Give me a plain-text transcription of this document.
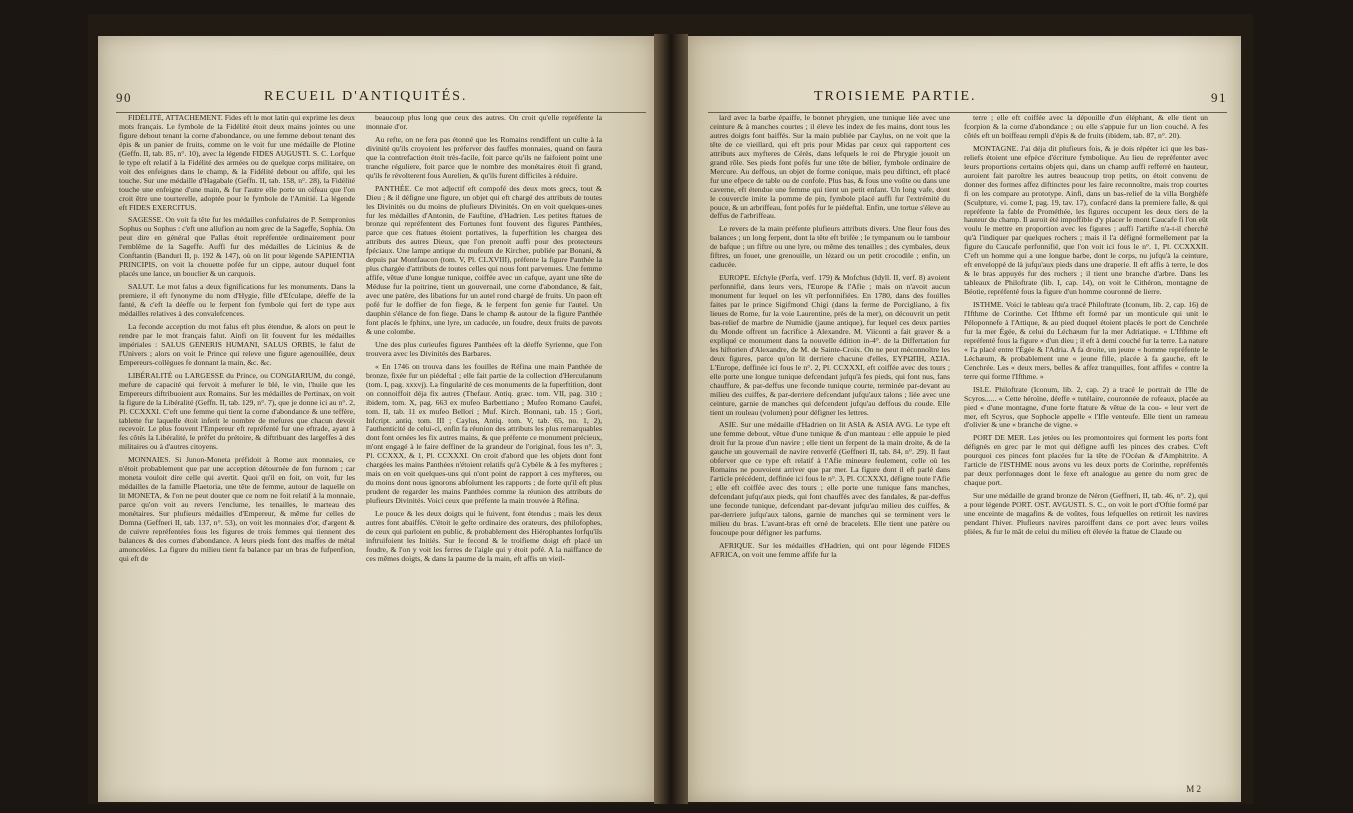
90	RECUEIL D'ANTIQUITÉS.

FIDÉLITÉ, ATTACHEMENT. Fides eft le mot latin qui exprime les deux mots français. Le fymbole de la Fidélité étoit deux mains jointes ou une figure debout tenant la corne d'abondance, ou une femme debout tenant des épis & un panier de fruits, comme on le voit fur une médaille de Plotine (Geffn. II, tab. 85, n°. 10), avec la légende FIDES AUGUSTI. S. C. Lorfque le type eft relatif à la Fidélité des armées ou de quelque corps militaire, on voit des enfeignes dans le champ, & la Fidélité debout ou affife, qui les touche. Sur une médaille d'Hagabale (Geffn. II, tab. 158, n°. 28), la Fidélité touche une enfeigne d'une main, & fur l'autre elle porte un oifeau que l'on croit être une tourterelle, adoptée pour le fymbole de l'Amitié. La légende eft FIDES EXERCITUS.

SAGESSE. On voit fa tête fur les médailles confulaires de P. Sempronius Sophus ou Sophus : c'eft une allufion au nom grec de la Sageffe, Sophia. On peut dire en général que Pallas étoit repréfentée ordinairement pour l'emblême de la Sageffe. Auffi fur des médailles de Licinius & de Conftantin (Banduri II, p. 192 & 147), où on lit pour légende SAPIENTIA PRINCIPIS, on voit la chouette pofée fur un cippe, autour duquel font placés une lance, un bouclier & un carquois.

SALUT. Le mot falus a deux fignifications fur les monuments. Dans la premiere, il eft fynonyme du nom d'Hygie, fille d'Efculape, déeffe de la fanté, & c'eft la déeffe ou le ferpent fon fymbole qui fert de type aux médailles relatives à des convalefcences.

La feconde acception du mot falus eft plus étendue, & alors on peut le rendre par le mot français falut. Ainfi on lit fouvent fur les médailles impériales : SALUS GENERIS HUMANI, SALUS ORBIS, le falut de l'Univers ; alors on voit le Prince qui releve une figure agenouillée, deux Empereurs-collègues fe donnant la main, &c. &c.

LIBÉRALITÉ ou LARGESSE du Prince, ou CONGIARIUM, du congé, mefure de capacité qui fervoit à mefurer le blé, le vin, l'huile que les Empereurs diftribuoient aux Romains. Sur les médailles de Pertinax, on voit la figure de la Libéralité (Geffn. II, tab. 129, n°. 7), que je donne ici au n°. 2, Pl. CCXXXI. C'eft une femme qui tient la corne d'abondance & une teffère, tablette fur laquelle étoit inferit le nombre de mefures que chacun devoit recevoir. Le plus fouvent l'Empereur eft repréfenté fur une eftrade, ayant à fes côtés la Libéralité, le préfet du prétoire, & diftribuant des largeffes à des militaires ou à d'autres citoyens.

MONNAIES. Si Junon-Moneta préfidoit à Rome aux monnaies, ce n'étoit probablement que par une acception détournée de fon furnom ; car moneta vouloit dire celle qui avertit. Quoi qu'il en foit, on voit, fur les médailles de la famille Plaetoria, une tête de femme, autour de laquelle on lit MONETA, & l'on ne peut douter que ce nom ne foit relatif à la monnaie, parce qu'on voit au revers l'enclume, les tenailles, le marteau des monétaires. Sur plufieurs médailles d'Empereur, & même fur celles de Domna (Geffneri II, tab. 137, n°. 53), on voit les monnaies d'or, d'argent & de cuivre repréfentées fous les figures de trois femmes qui tiennent des balances & des cornes d'abondance. A leurs pieds font des maffes de métal amoncelées. La figure du milieu tient fa balance par un bras de fufpenfion, qui eft de

beaucoup plus long que ceux des autres. On croit qu'elle repréfente la monnaie d'or.

Au refte, on ne fera pas étonné que les Romains rendiffent un culte à la divinité qu'ils croyoient les préferver des fauffes monnaies, quand on faura que la contrefaction étoit très-facile, foit parce qu'ils ne faifoient point une tranche réguliere, foit parce que le nombre des monétaires étoit fi grand, qu'ils fe révolterent fous Aurelien, & qu'ils furent difficiles à réduire.

PANTHÉE. Ce mot adjectif eft compofé des deux mots grecs, tout & Dieu ; & il défigne une figure, un objet qui eft chargé des attributs de toutes les Divinités ou du moins de plufieurs Divinités. On en voit quelques-unes fur les médailles d'Antonin, de Fauftine, d'Hadrien. Les petites ftatues de bronze qui repréfentent des Fortunes font fouvent des figures Panthées, parce que ces ftatues étoient portatives, la fuperftition les chargea des attributs des autres Dieux, que l'on prenoit auffi pour des protecteurs fpéciaux. Une lampe antique du mufeum de Kircher, publiée par Bonani, & depuis par Montfaucon (tom. V, Pl. CLXVIII), préfente la figure Panthée la plus chargée d'attributs de toutes celles qui nous font parvenues. Une femme affife, vêtue d'une longue tunique, coiffée avec un cafque, ayant une tête de Méduse fur la poitrine, tient un gouvernail, une corne d'abondance, & fait, avec une patère, des libations fur un autel rond chargé de fruits. Un paon eft pofé fur le doffier de fon fiege, & le ferpent fon genie fur l'autel. Un dauphin s'élance de fon fiege. Dans le champ & autour de la figure Panthée font placés le fphinx, une lyre, un caducée, un foudre, deux fruits de pavots & une colombe.

Une des plus curieufes figures Panthées eft la déeffe Syrienne, que l'on trouvera avec les Divinités des Barbares.

« En 1746 on trouva dans les fouilles de Réfina une main Panthée de bronze, fixée fur un piédeftal ; elle fait partie de la collection d'Herculanum (tom. I, pag. xxxvj). La fingularité de ces monuments de la fuperftition, dont on connoiffoit déja fix autres (Thefaur. Antiq. græc. tom. VII, pag. 310 ; ibidem, tom. X, pag. 663 ex mufeo Barbettiano ; Mufeo Romano Caufei, tom. II, tab. 11 ex mufeo Bellori ; Muf. Kirch. Bonnani, tab. 15 ; Gori, Infcript. antiq. tom. III ; Caylus, Antiq. tom. V, tab. 65, no. 1, 2), l'authenticité de celui-ci, enfin fa réunion des attributs les plus remarquables dont font ornées les fix autres mains, & que préfente ce monument précieux, m'ont engagé à le faire deffiner de la grandeur de l'original, fous les n°. 3, Pl. CCXXX, & 1, Pl. CCXXXI. On croit d'abord que les objets dont font chargées les mains Panthées n'étoient relatifs qu'à Cybèle & à fes myfteres ; mais on en voit quelques-uns qui n'ont point de rapport à ces myfteres, ou du moins dont nous ignorons abfolument les rapports ; de forte qu'il eft plus prudent de regarder les mains Panthées comme la réunion des attributs de plufieurs Divinités. Voici ceux que préfente la main trouvée à Réfina.

Le pouce & les deux doigts qui le fuivent, font étendus ; mais les deux autres font abaiffés. C'étoit le gefte ordinaire des orateurs, des philofophes, de ceux qui parloient en public, & probablement des Hiérophantes lorfqu'ils inftruifoient les Initiés. Sur le fecond & le troifieme doigt eft placé un foudre, & l'on y voit les ferres de l'aigle qui y étoit pofé. A la naiffance de ces mêmes doigts, & dans la paume de la main, eft affis un vieil-

TROISIEME PARTIE.	91

lard avec la barbe épaiffe, le bonnet phrygien, une tunique liée avec une ceinture & à manches courtes ; il éleve les index de fes mains, dont tous les autres doigts font baiffés. Sur la main publiée par Caylus, on ne voit que la tête de ce vieillard, qui eft pris pour Midas par ceux qui rapportent ces attributs aux myfteres de Cérès, dans lefquels le roi de Phrygie jouoit un grand rôle. Ses pieds font pofés fur une tête de bélier, fymbole ordinaire de Mercure. Au deffous, un objet de forme conique, mais peu diftinct, eft placé fur une efpece de table ou de confole. Plus bas, & fous une voûte ou dans une caverne, eft étendue une femme qui tient un petit enfant. Un long vafe, dont le couvercle imite la pomme de pin, fymbole placé auffi fur l'extrémité du pouce, & un arbriffeau, font pofés fur le piédeftal. Enfin, une tortue s'éleve au deffus de l'arbriffeau.

Le revers de la main préfente plufieurs attributs divers. Une fleur fous des balances ; un long ferpent, dont la tête eft brifée ; le tympanum ou le tambour de bafque ; un fiftre ou une lyre, ou même des tenailles ; des cymbales, deux fiftres, un fouet, une grenouille, un lézard ou un petit crocodile ; enfin, un caducée.

EUROPE. Efchyle (Perfa, verf. 179) & Mofchus (Idyll. II, verf. 8) avoient perfonnifié, dans leurs vers, l'Europe & l'Afie ; mais on n'avoit aucun monument fur lequel on les vît perfonnifiées. En 1780, dans des fouilles faites par le prince Sigifmond Chigi (dans la ferme de Porcigliano, à fix lieues de Rome, fur la voie Laurentine, près de la mer), on découvrit un petit bas-relief de marbre de Numidie (jaune antique), fur lequel ces deux parties du Monde offrent un facrifice à Alexandre. M. Viiconti a fait graver & a expliqué ce monument dans la nouvelle édition in-4°. de la Differtation fur les hiftorien d'Alexandre, de M. de Sainte-Croix. On ne peut méconnoître les deux figures, parce qu'on lit derriere chacune d'elles, EYPΩΠH, AΣIA. L'Europe, deffinée ici fous le n°. 2, Pl. CCXXXI, eft coiffée avec des tours ; elle porte une longue tunique defcendant jufqu'à fes pieds, qui font nus, fans chauffure, & par-deffus une feconde tunique courte, terminée par-devant au milieu des cuiffes, & par-derriere defcendant jufqu'aux talons ; liée avec une ceinture, garnie de manches qui defcendent jufqu'au deffous du coude. Elle tient un rouleau (volumen) pour défigner les lettres.

ASIE. Sur une médaille d'Hadrien on lit ASIA & ASIA AVG. Le type eft une femme debout, vêtue d'une tunique & d'un manteau : elle appuie le pied droit fur la proue d'un navire ; elle tient un ferpent de la main droite, & de la gauche un gouvernail de navire renverfé (Geffneri II, tab. 84, n°. 29). Il faut obferver que ce type eft relatif à l'Afie mineure feulement, celle où les Romains ne pouvoient arriver que par mer. La figure dont il eft parlé dans l'article précédent, deffinée ici fous le n°. 3, Pl. CCXXXI, défigne toute l'Afie ; elle eft coiffée avec des tours ; elle porte une tunique fans manches, defcendant jufqu'aux pieds, qui font chauffés avec des fandales, & par-deffus une feconde tunique, defcendant par-devant jufqu'au milieu des cuiffes, & par-derriere jufqu'aux talons, garnie de manches qui se terminent vers le milieu du bras. L'avant-bras eft orné de bracelets. Elle tient une patère ou foucoupe pour défigner les parfums.

AFRIQUE. Sur les médailles d'Hadrien, qui ont pour légende FIDES AFRICA, on voit une femme affife fur la

terre ; elle eft coiffée avec la dépouille d'un éléphant, & elle tient un fcorpion & la corne d'abondance ; ou elle s'appuie fur un lion couché. A fes côtés eft un boiffeau rempli d'épis & de fruits (ibidem, tab. 87, n°. 20).

MONTAGNE. J'ai déja dit plufieurs fois, & je dois répéter ici que les bas-reliefs étoient une efpèce d'écriture fymbolique. Au lieu de repréfenter avec leurs proportions certains objets qui, dans un champ auffi refferré en hauteur, auroient fait paroître les autres beaucoup trop petits, on étoit convenu de donner des formes affez diftinctes pour les faire reconnoître, mais trop courtes fi on les compare au prototype. Ainfi, dans un bas-relief de la villa Borghèfe (Sculpture, vi. come I, pag. 19, tav. 17), confacré dans la premiere falle, & qui repréfente la fable de Prométhée, les figures occupent les deux tiers de la hauteur du champ. Il auroit été impoffible d'y placer le mont Caucafe fi l'on eût voulu le mettre en proportion avec les figures ; auffi l'artifte n'a-t-il cherché qu'à l'indiquer par quelques rochers ; mais il l'a défigné formellement par la figure du Caucafe perfonnifié, que l'on voit ici fous le n°. 1, Pl. CCXXXII. C'eft un homme qui a une longue barbe, dont le corps, nu jufqu'à la ceinture, eft enveloppé de là jufqu'aux pieds dans une draperie. Il eft affis à terre, le dos & le bras appuyés fur des rochers ; il tient une branche d'arbre. Dans les tableaux de Philoftrate (lib. I, cap. 14), on voit le Cithéron, montagne de Béotie, repréfenté fous la figure d'un homme couronné de lierre.

ISTHME. Voici le tableau qu'a tracé Philoftrate (Iconum, lib. 2, cap. 16) de l'Ifthme de Corinthe. Cet Ifthme eft formé par un monticule qui unit le Péloponnefe à l'Attique, & au pied duquel étoient placés le port de Cenchrée fur la mer Égée, & celui du Léchæum fur la mer Adriatique. « L'Ifthme eft repréfenté fous la figure « d'un dieu ; il eft à demi couché fur la terre. La nature « l'a placé entre l'Égée & l'Adria. A fa droite, un jeune « homme repréfente le Léchæum, & probablement une « jeune fille, placée à fa gauche, eft le Cenchrée. Les « deux mers, belles & affez tranquilles, font affifes « contre la terre qui forme l'Ifthme. »

ISLE. Philoftrate (Iconum, lib. 2, cap. 2) a tracé le portrait de l'Ile de Scyros...... « Cette héroïne, déeffe « tutélaire, couronnée de rofeaux, placée au pied « d'une montagne, d'une forte ftature & vêtue de la cou- « leur vert de mer, eft Scyros, que Sophocle appelle « l'Ifle venteufe. Elle tient un rameau d'olivier & une « branche de vigne. »

PORT DE MER. Les jetées ou les promontoires qui forment les ports font défignés en grec par le mot qui défigne auffi les pinces des crabes. C'eft pourquoi ces pinces font placées fur la tête de l'Océan & d'Amphitrite. A l'article de l'ISTHME nous avons vu les deux ports de Corinthe, repréfentés par deux perfonnages dont le fexe eft analogue au genre du nom grec de chaque port.

Sur une médaille de grand bronze de Néron (Geffneri, II, tab. 46, n°. 2), qui a pour légende PORT. OST. AVGUSTI. S. C., on voit le port d'Oftie formé par une enceinte de magafins & de voûtes, fous lefquelles on retiroit les navires pendant l'hiver. Plufieurs navires paroiffent dans ce port avec leurs voiles pliées, & fur le mât de celui du milieu eft élevée la ftatue de Claude ou

M 2
